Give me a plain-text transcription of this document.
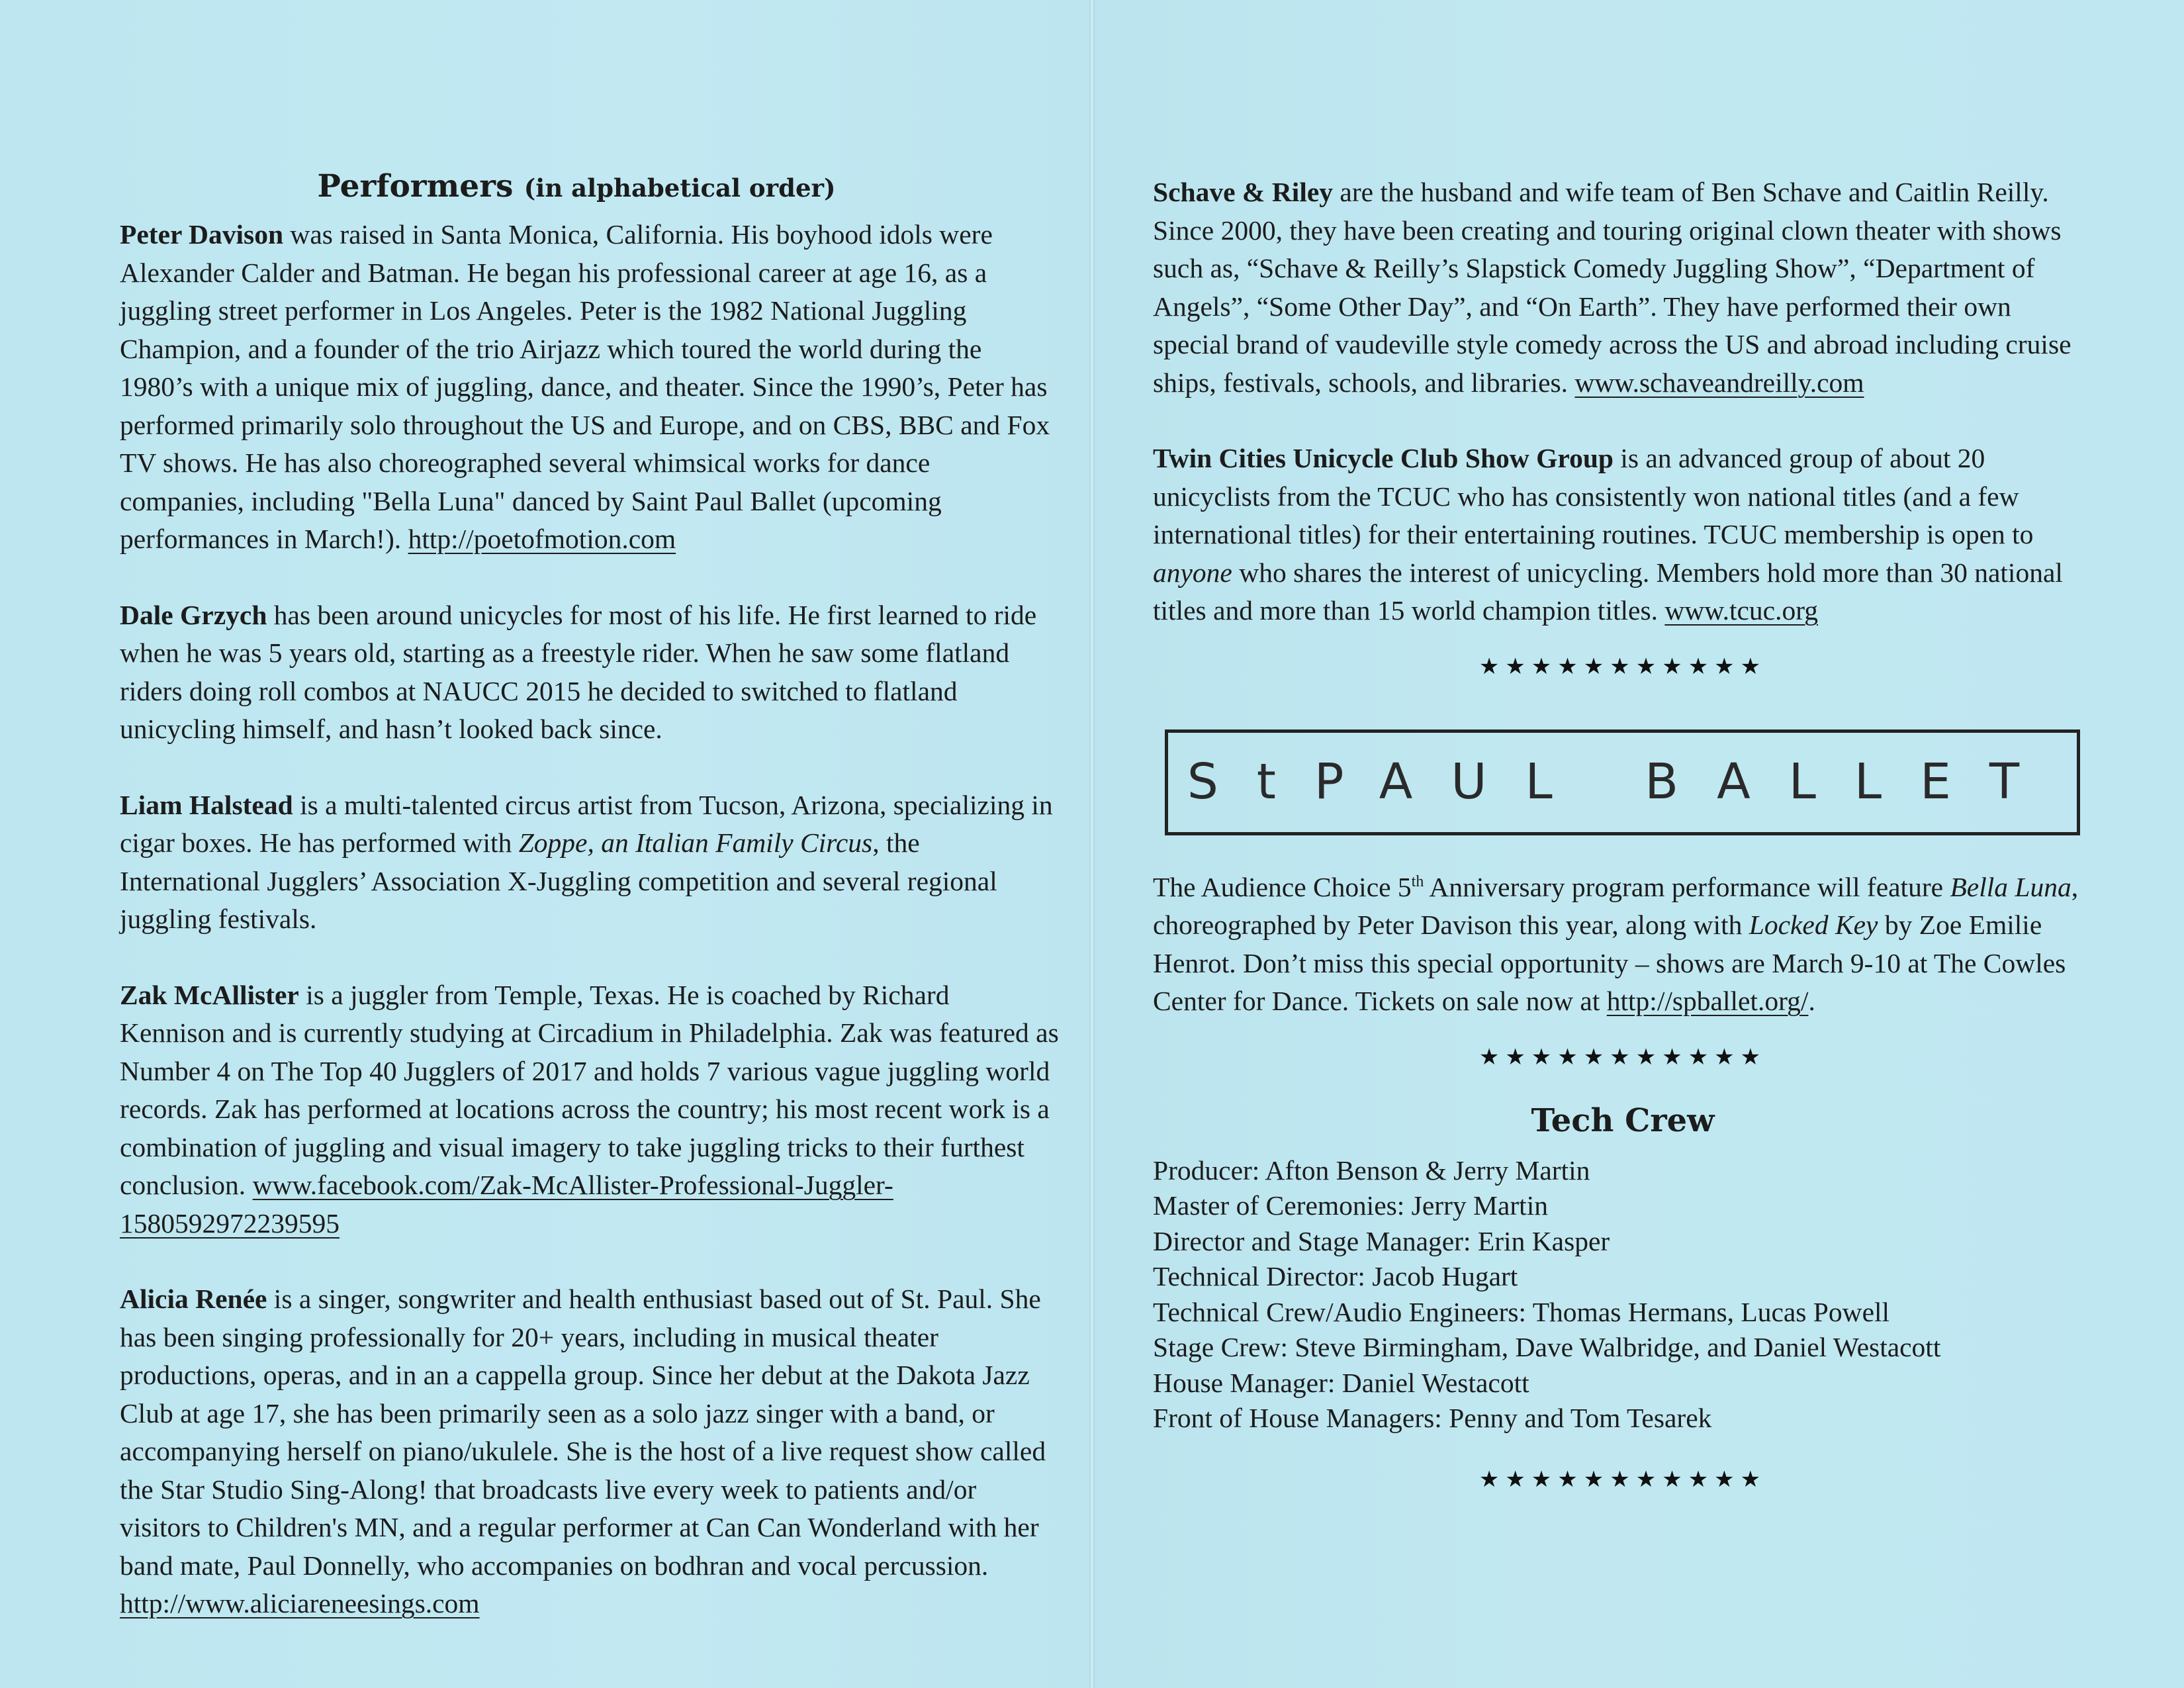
Performers (in alphabetical order)

Peter Davison was raised in Santa Monica, California. His boyhood idols were Alexander Calder and Batman. He began his professional career at age 16, as a juggling street performer in Los Angeles. Peter is the 1982 National Juggling Champion, and a founder of the trio Airjazz which toured the world during the 1980’s with a unique mix of juggling, dance, and theater. Since the 1990’s, Peter has performed primarily solo throughout the US and Europe, and on CBS, BBC and Fox TV shows. He has also choreographed several whimsical works for dance companies, including "Bella Luna" danced by Saint Paul Ballet (upcoming performances in March!). http://poetofmotion.com

Dale Grzych has been around unicycles for most of his life. He first learned to ride when he was 5 years old, starting as a freestyle rider. When he saw some flatland riders doing roll combos at NAUCC 2015 he decided to switched to flatland unicycling himself, and hasn’t looked back since.

Liam Halstead is a multi-talented circus artist from Tucson, Arizona, specializing in cigar boxes. He has performed with Zoppe, an Italian Family Circus, the International Jugglers’ Association X-Juggling competition and several regional juggling festivals.

Zak McAllister is a juggler from Temple, Texas. He is coached by Richard Kennison and is currently studying at Circadium in Philadelphia. Zak was featured as Number 4 on The Top 40 Jugglers of 2017 and holds 7 various vague juggling world records. Zak has performed at locations across the country; his most recent work is a combination of juggling and visual imagery to take juggling tricks to their furthest conclusion. www.facebook.com/Zak-McAllister-Professional-Juggler-1580592972239595

Alicia Renée is a singer, songwriter and health enthusiast based out of St. Paul. She has been singing professionally for 20+ years, including in musical theater productions, operas, and in an a cappella group. Since her debut at the Dakota Jazz Club at age 17, she has been primarily seen as a solo jazz singer with a band, or accompanying herself on piano/ukulele. She is the host of a live request show called the Star Studio Sing-Along! that broadcasts live every week to patients and/or visitors to Children's MN, and a regular performer at Can Can Wonderland with her band mate, Paul Donnelly, who accompanies on bodhran and vocal percussion. http://www.aliciareneesings.com

Schave & Riley are the husband and wife team of Ben Schave and Caitlin Reilly. Since 2000, they have been creating and touring original clown theater with shows such as, “Schave & Reilly’s Slapstick Comedy Juggling Show”, “Department of Angels”, “Some Other Day”, and “On Earth”. They have performed their own special brand of vaudeville style comedy across the US and abroad including cruise ships, festivals, schools, and libraries. www.schaveandreilly.com

Twin Cities Unicycle Club Show Group is an advanced group of about 20 unicyclists from the TCUC who has consistently won national titles (and a few international titles) for their entertaining routines. TCUC membership is open to anyone who shares the interest of unicycling. Members hold more than 30 national titles and more than 15 world champion titles. www.tcuc.org

★★★★★★★★★★★
St PAUL BALLET

The Audience Choice 5th Anniversary program performance will feature Bella Luna, choreographed by Peter Davison this year, along with Locked Key by Zoe Emilie Henrot. Don’t miss this special opportunity – shows are March 9-10 at The Cowles Center for Dance. Tickets on sale now at http://spballet.org/.

★★★★★★★★★★★
Tech Crew

Producer: Afton Benson & Jerry Martin

Master of Ceremonies: Jerry Martin

Director and Stage Manager: Erin Kasper

Technical Director: Jacob Hugart

Technical Crew/Audio Engineers: Thomas Hermans, Lucas Powell

Stage Crew: Steve Birmingham, Dave Walbridge, and Daniel Westacott

House Manager: Daniel Westacott

Front of House Managers: Penny and Tom Tesarek

★★★★★★★★★★★
